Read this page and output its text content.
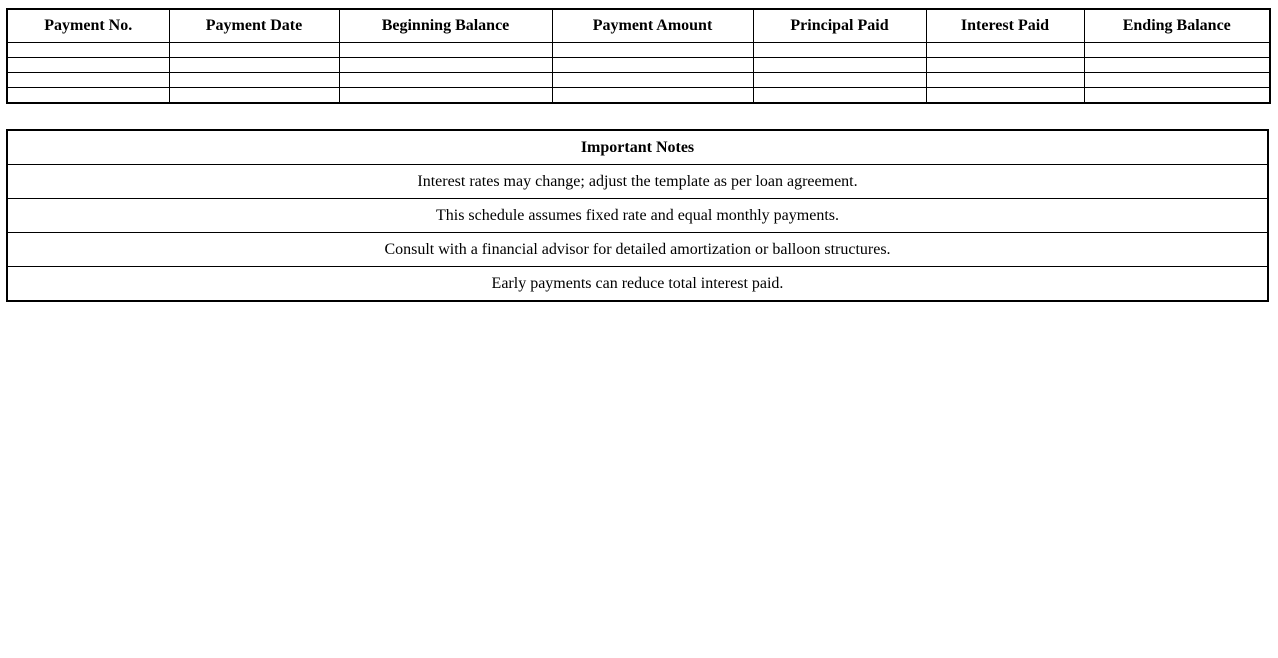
Payment No.	Payment Date	Beginning Balance	Payment Amount	Principal Paid	Interest Paid	Ending Balance

Important Notes
Interest rates may change; adjust the template as per loan agreement.
This schedule assumes fixed rate and equal monthly payments.
Consult with a financial advisor for detailed amortization or balloon structures.
Early payments can reduce total interest paid.
